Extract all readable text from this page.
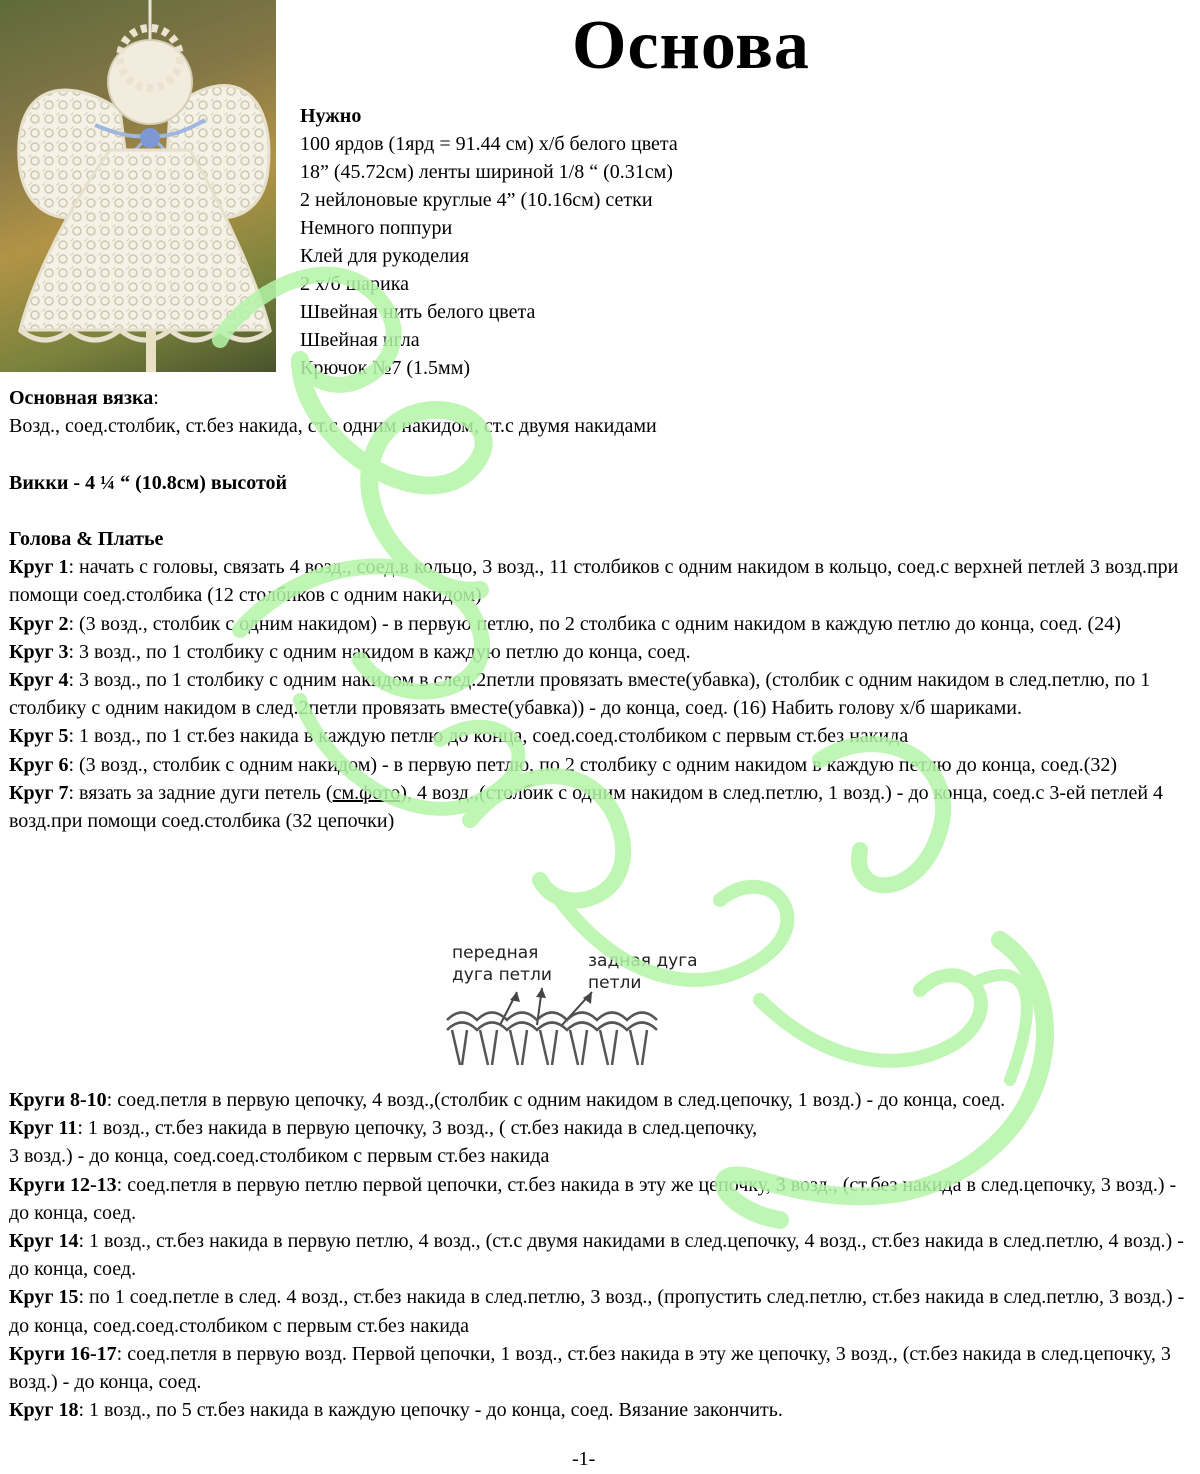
Основа
Нужно
100 ярдов (1ярд = 91.44 см) х/б белого цвета
18” (45.72см) ленты шириной 1/8 “ (0.31см)
2 нейлоновые круглые 4” (10.16см) сетки
Немного поппури
Клей для рукоделия
2 х/б шарика
Швейная нить белого цвета
Швейная игла
Крючок №7 (1.5мм)

Основная вязка:

Возд., соед.столбик, ст.без накида, ст.с одним накидом, ст.с двумя накидами

Викки - 4 ¼ “ (10.8см) высотой

Голова & Платье

Круг 1: начать с головы, связать 4 возд., соед.в кольцо, 3 возд., 11 столбиков с одним накидом в кольцо, соед.с верхней петлей 3 возд.при помощи соед.столбика (12 столбиков с одним накидом)

Круг 2: (3 возд., столбик с одним накидом) - в первую петлю, по 2 столбика с одним накидом в каждую петлю до конца, соед. (24)

Круг 3: 3 возд., по 1 столбику с одним накидом в каждую петлю до конца, соед.

Круг 4: 3 возд., по 1 столбику с одним накидом в след.2петли провязать вместе(убавка), (столбик с одним накидом в след.петлю, по 1 столбику с одним накидом в след.2петли провязать вместе(убавка)) - до конца, соед. (16) Набить голову х/б шариками.

Круг 5: 1 возд., по 1 ст.без накида в каждую петлю до конца, соед.соед.столбиком с первым ст.без накида

Круг 6: (3 возд., столбик с одним накидом) - в первую петлю, по 2 столбику с одним накидом в каждую петлю до конца, соед.(32)

Круг 7: вязать за задние дуги петель (см.фото), 4 возд.,(столбик с одним накидом в след.петлю, 1 возд.) - до конца, соед.с 3-ей петлей 4 возд.при помощи соед.столбика (32 цепочки)

передная
дуга петли
задная дуга
петли

Круги 8-10: соед.петля в первую цепочку, 4 возд.,(столбик с одним накидом в след.цепочку, 1 возд.) - до конца, соед.

Круг 11: 1 возд., ст.без накида в первую цепочку, 3 возд., ( ст.без накида в след.цепочку,

3 возд.) - до конца, соед.соед.столбиком с первым ст.без накида

Круги 12-13: соед.петля в первую петлю первой цепочки, ст.без накида в эту же цепочку, 3 возд., (ст.без накида в след.цепочку, 3 возд.) - до конца, соед.

Круг 14: 1 возд., ст.без накида в первую петлю, 4 возд., (ст.с двумя накидами в след.цепочку, 4 возд., ст.без накида в след.петлю, 4 возд.) - до конца, соед.

Круг 15: по 1 соед.петле в след. 4 возд., ст.без накида в след.петлю, 3 возд., (пропустить след.петлю, ст.без накида в след.петлю, 3 возд.) - до конца, соед.соед.столбиком с первым ст.без накида

Круги 16-17: соед.петля в первую возд. Первой цепочки, 1 возд., ст.без накида в эту же цепочку, 3 возд., (ст.без накида в след.цепочку, 3 возд.) - до конца, соед.

Круг 18: 1 возд., по 5 ст.без накида в каждую цепочку - до конца, соед. Вязание закончить.

-1-
